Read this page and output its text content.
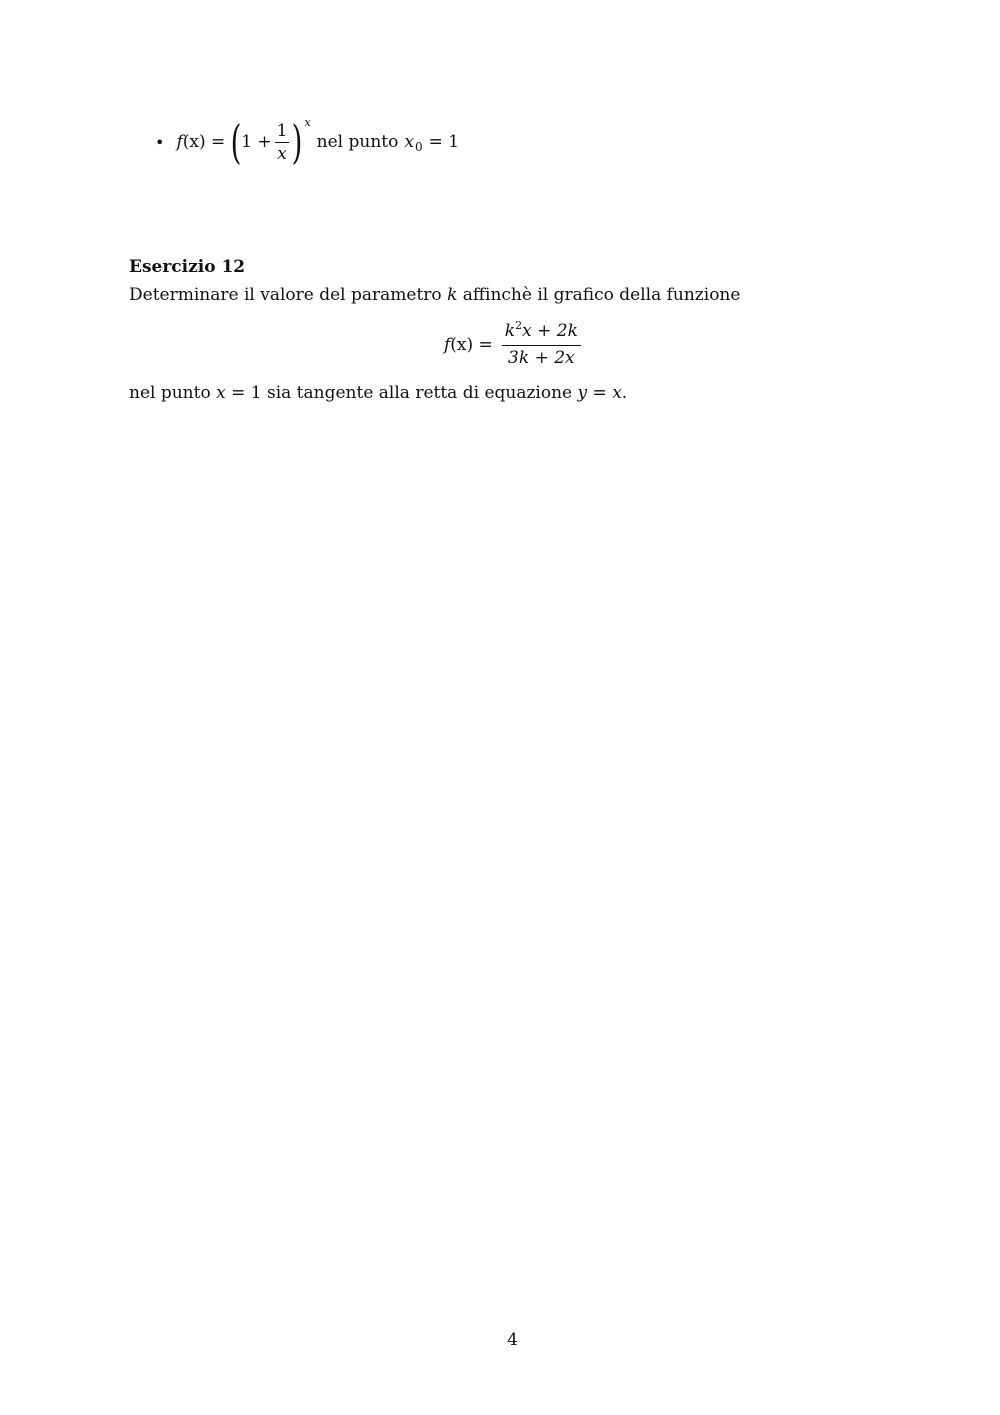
• f (x) = ( $1 + \frac{1}{x}$ ) x
nel punto x 0 = 1
Esercizio 12
Determinare il valore del parametro k affinchè il grafico della funzione
f $(x) = \frac{k^2x + 2k}{3k + 2x}$
nel punto x = 1 sia tangente alla retta di equazione y = x.
4
